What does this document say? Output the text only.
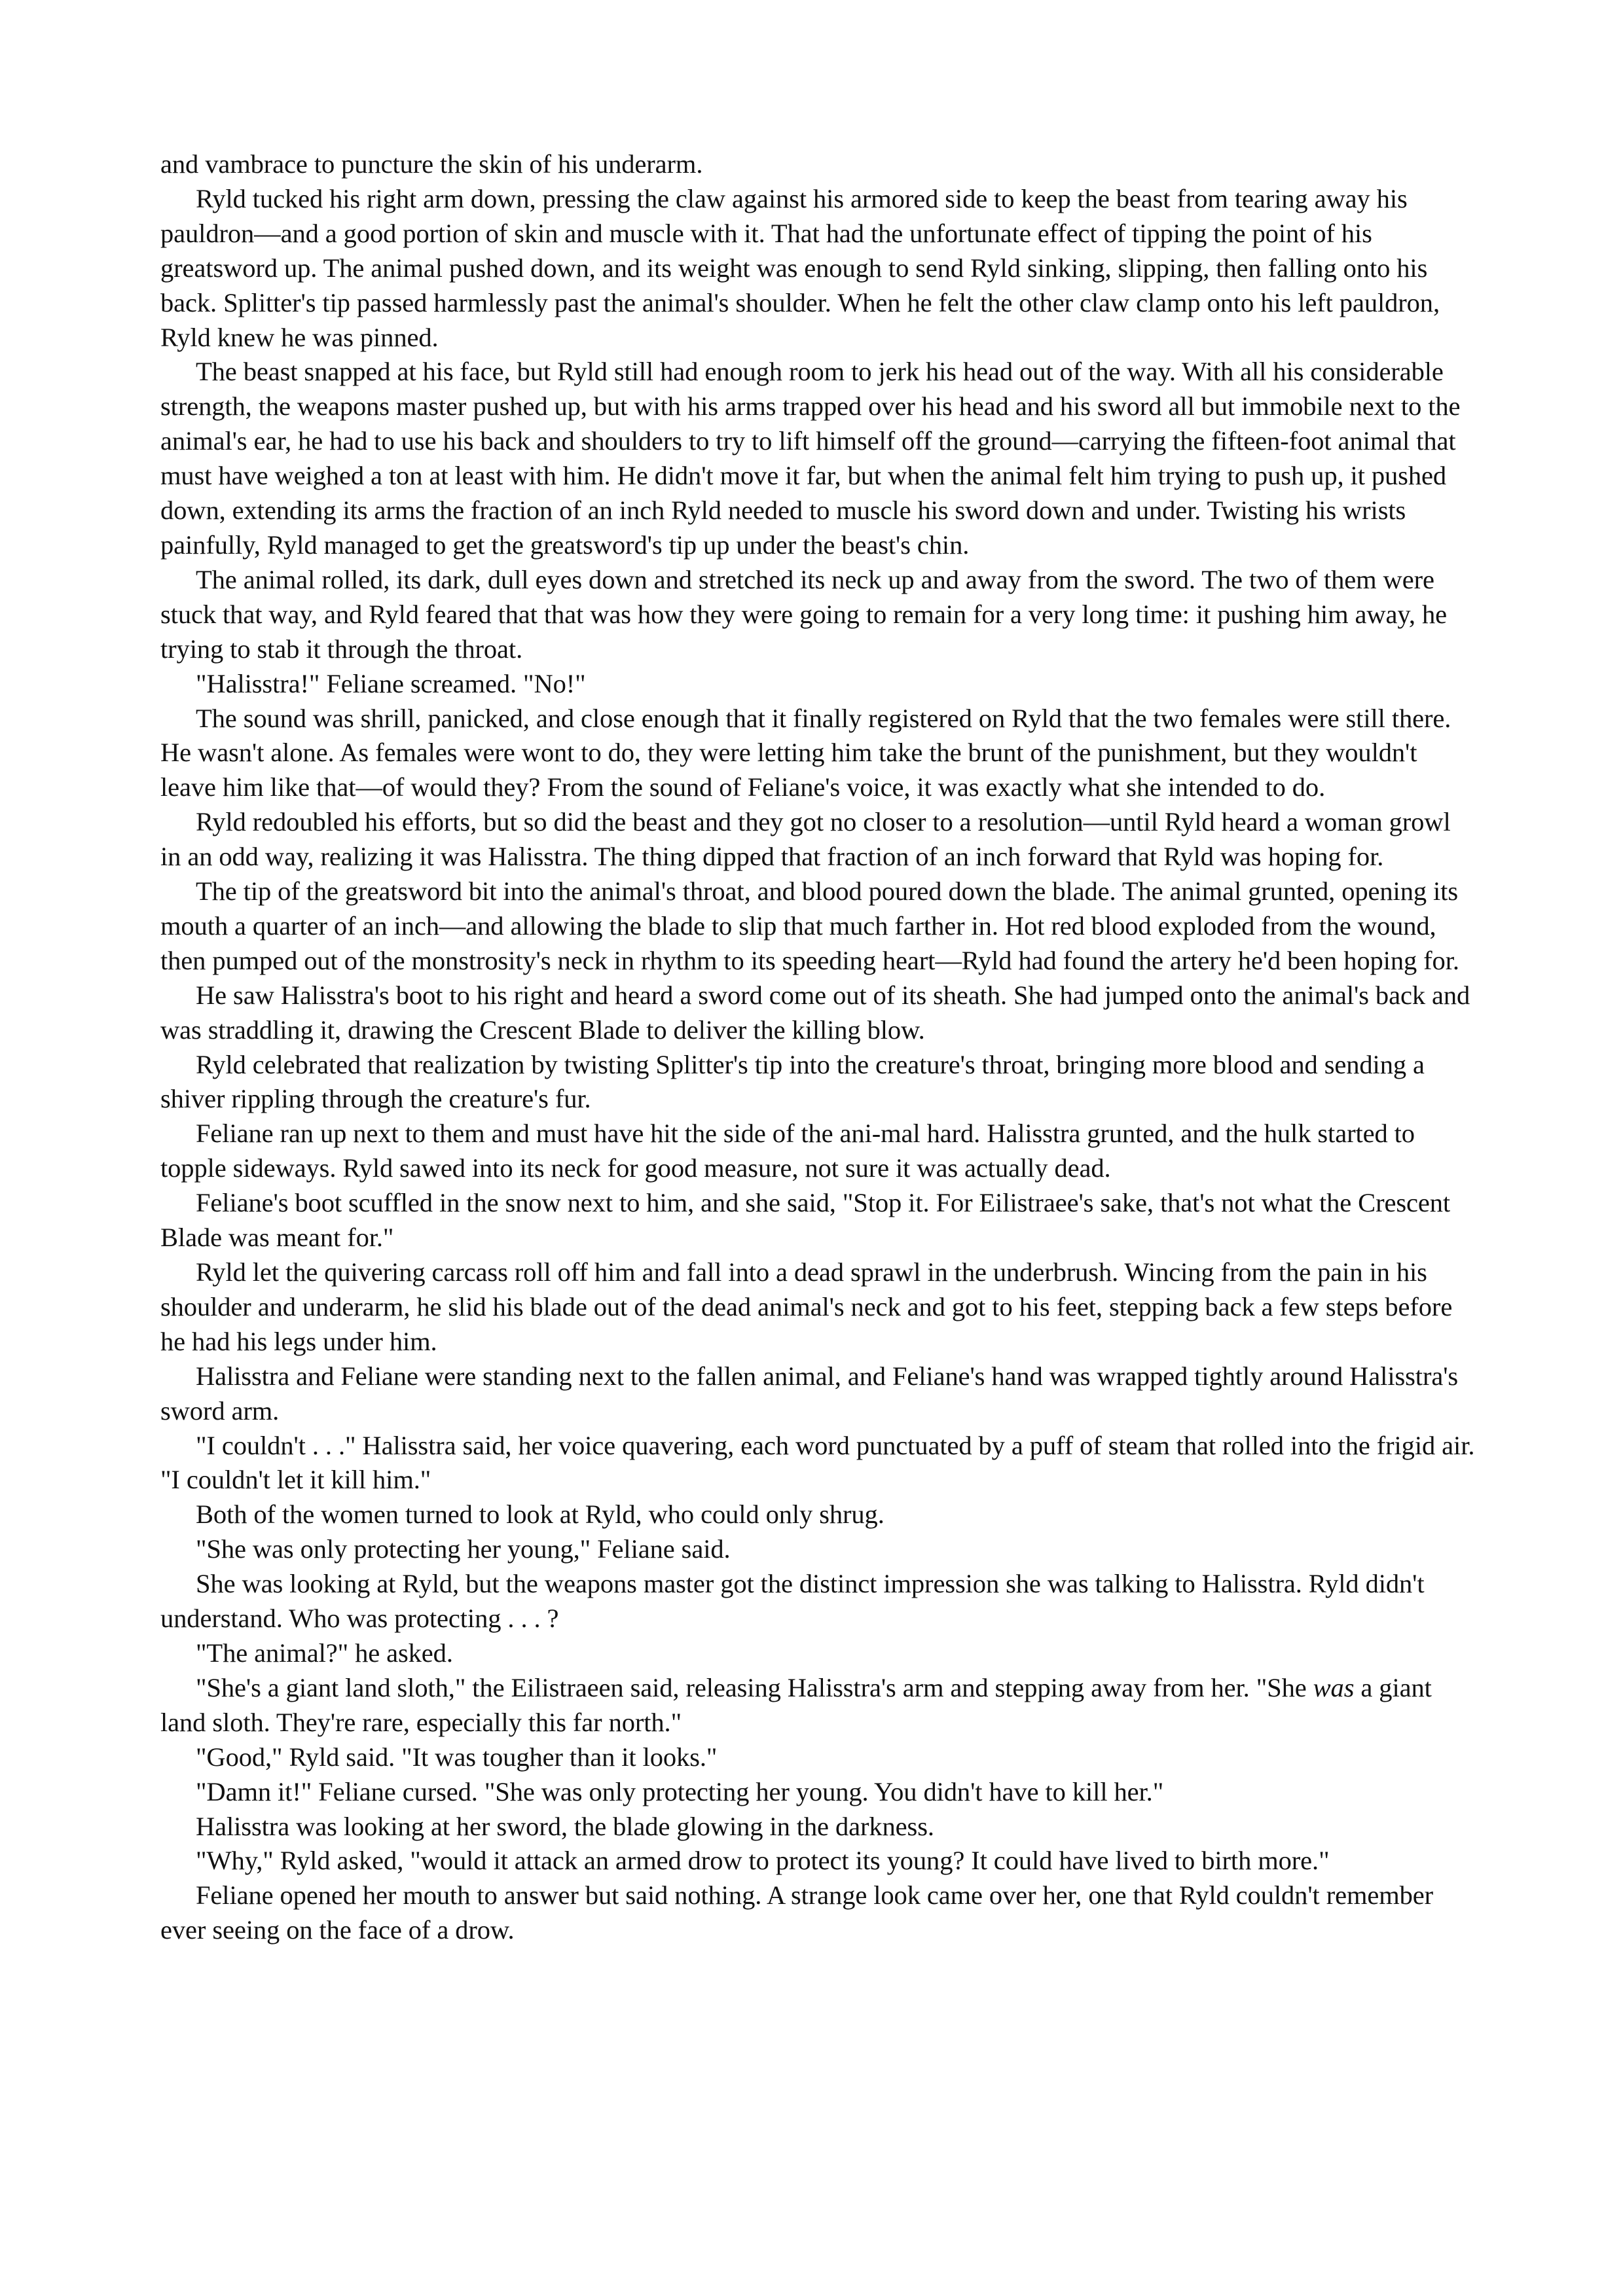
and vambrace to puncture the skin of his underarm.

Ryld tucked his right arm down, pressing the claw against his armored side to keep the beast from tearing away his pauldron—and a good portion of skin and muscle with it. That had the unfortunate effect of tipping the point of his greatsword up. The animal pushed down, and its weight was enough to send Ryld sinking, slipping, then falling onto his back. Splitter's tip passed harmlessly past the animal's shoulder. When he felt the other claw clamp onto his left pauldron, Ryld knew he was pinned.

The beast snapped at his face, but Ryld still had enough room to jerk his head out of the way. With all his considerable strength, the weapons master pushed up, but with his arms trapped over his head and his sword all but immobile next to the animal's ear, he had to use his back and shoulders to try to lift himself off the ground—carrying the fifteen-foot animal that must have weighed a ton at least with him. He didn't move it far, but when the animal felt him trying to push up, it pushed down, extending its arms the fraction of an inch Ryld needed to muscle his sword down and under. Twisting his wrists painfully, Ryld managed to get the greatsword's tip up under the beast's chin.

The animal rolled, its dark, dull eyes down and stretched its neck up and away from the sword. The two of them were stuck that way, and Ryld feared that that was how they were going to remain for a very long time: it pushing him away, he trying to stab it through the throat.

"Halisstra!" Feliane screamed. "No!"

The sound was shrill, panicked, and close enough that it finally registered on Ryld that the two females were still there. He wasn't alone. As females were wont to do, they were letting him take the brunt of the punishment, but they wouldn't leave him like that—of would they? From the sound of Feliane's voice, it was exactly what she intended to do.

Ryld redoubled his efforts, but so did the beast and they got no closer to a resolution—until Ryld heard a woman growl in an odd way, realizing it was Halisstra. The thing dipped that fraction of an inch forward that Ryld was hoping for.

The tip of the greatsword bit into the animal's throat, and blood poured down the blade. The animal grunted, opening its mouth a quarter of an inch—and allowing the blade to slip that much farther in. Hot red blood exploded from the wound, then pumped out of the monstrosity's neck in rhythm to its speeding heart—Ryld had found the artery he'd been hoping for.

He saw Halisstra's boot to his right and heard a sword come out of its sheath. She had jumped onto the animal's back and was straddling it, drawing the Crescent Blade to deliver the killing blow.

Ryld celebrated that realization by twisting Splitter's tip into the creature's throat, bringing more blood and sending a shiver rippling through the creature's fur.

Feliane ran up next to them and must have hit the side of the ani-mal hard. Halisstra grunted, and the hulk started to topple sideways. Ryld sawed into its neck for good measure, not sure it was actually dead.

Feliane's boot scuffled in the snow next to him, and she said, "Stop it. For Eilistraee's sake, that's not what the Crescent Blade was meant for."

Ryld let the quivering carcass roll off him and fall into a dead sprawl in the underbrush. Wincing from the pain in his shoulder and underarm, he slid his blade out of the dead animal's neck and got to his feet, stepping back a few steps before he had his legs under him.

Halisstra and Feliane were standing next to the fallen animal, and Feliane's hand was wrapped tightly around Halisstra's sword arm.

"I couldn't . . ." Halisstra said, her voice quavering, each word punctuated by a puff of steam that rolled into the frigid air. "I couldn't let it kill him."

Both of the women turned to look at Ryld, who could only shrug.

"She was only protecting her young," Feliane said.

She was looking at Ryld, but the weapons master got the distinct impression she was talking to Halisstra. Ryld didn't understand. Who was protecting . . . ?

"The animal?" he asked.

"She's a giant land sloth," the Eilistraeen said, releasing Halisstra's arm and stepping away from her. "She was a giant land sloth. They're rare, especially this far north."

"Good," Ryld said. "It was tougher than it looks."

"Damn it!" Feliane cursed. "She was only protecting her young. You didn't have to kill her."

Halisstra was looking at her sword, the blade glowing in the darkness.

"Why," Ryld asked, "would it attack an armed drow to protect its young? It could have lived to birth more."

Feliane opened her mouth to answer but said nothing. A strange look came over her, one that Ryld couldn't remember ever seeing on the face of a drow.
